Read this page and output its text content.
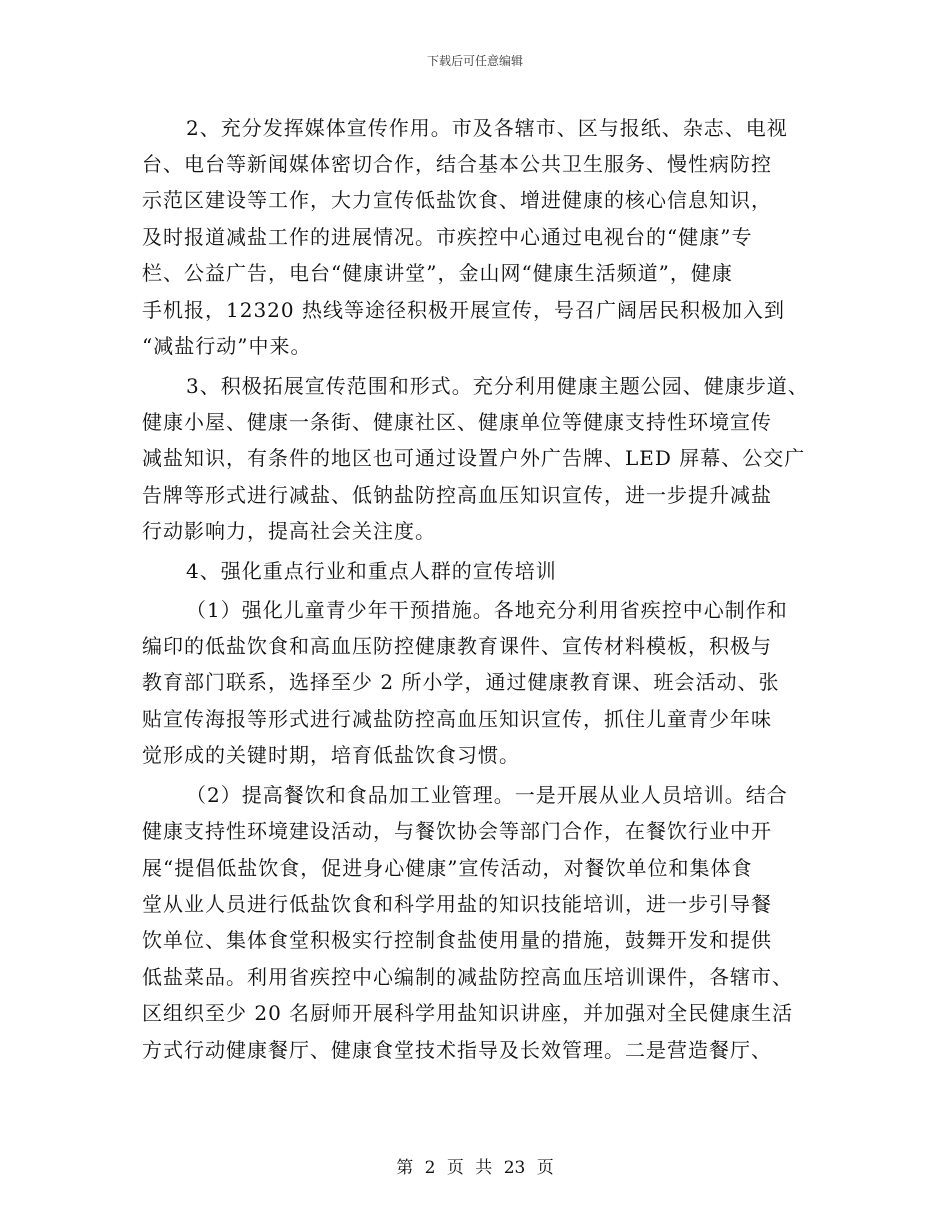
下载后可任意编辑
2、充分发挥媒体宣传作用。市及各辖市、区与报纸、杂志、电视
台、电台等新闻媒体密切合作，结合基本公共卫生服务、慢性病防控
示范区建设等工作，大力宣传低盐饮食、增进健康的核心信息知识，
及时报道减盐工作的进展情况。市疾控中心通过电视台的“健康”专
栏、公益广告，电台“健康讲堂”，金山网“健康生活频道”，健康
手机报，12320 热线等途径积极开展宣传，号召广阔居民积极加入到
“减盐行动”中来。
3、积极拓展宣传范围和形式。充分利用健康主题公园、健康步道、
健康小屋、健康一条街、健康社区、健康单位等健康支持性环境宣传
减盐知识，有条件的地区也可通过设置户外广告牌、LED 屏幕、公交广
告牌等形式进行减盐、低钠盐防控高血压知识宣传，进一步提升减盐
行动影响力，提高社会关注度。
4、强化重点行业和重点人群的宣传培训
（1）强化儿童青少年干预措施。各地充分利用省疾控中心制作和
编印的低盐饮食和高血压防控健康教育课件、宣传材料模板，积极与
教育部门联系，选择至少 2 所小学，通过健康教育课、班会活动、张
贴宣传海报等形式进行减盐防控高血压知识宣传，抓住儿童青少年味
觉形成的关键时期，培育低盐饮食习惯。
（2）提高餐饮和食品加工业管理。一是开展从业人员培训。结合
健康支持性环境建设活动，与餐饮协会等部门合作，在餐饮行业中开
展“提倡低盐饮食，促进身心健康”宣传活动，对餐饮单位和集体食
堂从业人员进行低盐饮食和科学用盐的知识技能培训，进一步引导餐
饮单位、集体食堂积极实行控制食盐使用量的措施，鼓舞开发和提供
低盐菜品。利用省疾控中心编制的减盐防控高血压培训课件，各辖市、
区组织至少 20 名厨师开展科学用盐知识讲座，并加强对全民健康生活
方式行动健康餐厅、健康食堂技术指导及长效管理。二是营造餐厅、
第 2 页 共 23 页
